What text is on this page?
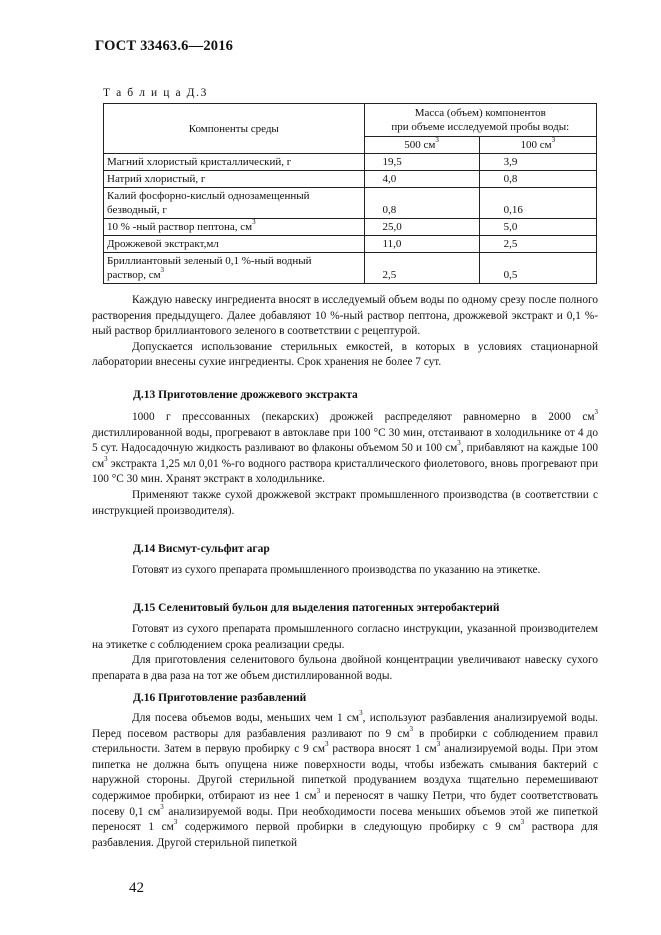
ГОСТ 33463.6—2016
Т а б л и ц а Д.3
Компоненты среды	Масса (объем) компонентов
при объеме исследуемой пробы воды:	

	500 $см^3$	100 $см^3$
Магний хлористый кристаллический, г	19,5	3,9
Натрий хлористый, г	4,0	0,8
Калий фосфорно-кислый однозамещенный
безводный, г	0,8	0,16
10 % -ный раствор пептона, $см^3$	25,0	5,0
Дрожжевой экстракт,мл	11,0	2,5
Бриллиантовый зеленый 0,1 %-ный водный
раствор, $см^3$	2,5	0,5

Каждую навеску ингредиента вносят в исследуемый объем воды по одному срезу после полного растворения предыдущего. Далее добавляют 10 %-ный раствор пептона, дрожжевой экстракт и 0,1 %-ный раствор бриллиантового зеленого в соответствии с рецептурой.

Допускается использование стерильных емкостей, в которых в условиях стационарной лаборатории внесены сухие ингредиенты. Срок хранения не более 7 сут.

Д.13 Приготовление дрожжевого экстракта

1000 г прессованных (пекарских) дрожжей распределяют равномерно в 2000 $см^3$ дистиллированной воды, прогревают в автоклаве при 100 °С 30 мин, отстаивают в холодильнике от 4 до 5 сут. Надосадочную жидкость разливают во флаконы объемом 50 и 100 $см^3$, прибавляют на каждые 100 $см^3$ экстракта 1,25 мл 0,01 %-го водного раствора кристаллического фиолетового, вновь прогревают при 100 °С 30 мин. Хранят экстракт в холодильнике.

Применяют также сухой дрожжевой экстракт промышленного производства (в соответствии с инструкцией производителя).

Д.14 Висмут-сульфит агар

Готовят из сухого препарата промышленного производства по указанию на этикетке.

Д.15 Селенитовый бульон для выделения патогенных энтеробактерий

Готовят из сухого препарата промышленного согласно инструкции, указанной производителем на этикетке с соблюдением срока реализации среды.

Для приготовления селенитового бульона двойной концентрации увеличивают навеску сухого препарата в два раза на тот же объем дистиллированной воды.

Д.16 Приготовление разбавлений

Для посева объемов воды, меньших чем 1 $см^3$, используют разбавления анализируемой воды. Перед посевом растворы для разбавления разливают по 9 $см^3$ в пробирки с соблюдением правил стерильности. Затем в первую пробирку с 9 $см^3$ раствора вносят 1 $см^3$ анализируемой воды. При этом пипетка не должна быть опущена ниже поверхности воды, чтобы избежать смывания бактерий с наружной стороны. Другой стерильной пипеткой продуванием воздуха тщательно перемешивают содержимое пробирки, отбирают из нее 1 $см^3$ и переносят в чашку Петри, что будет соответствовать посеву 0,1 $см^3$ анализируемой воды. При необходимости посева меньших объемов этой же пипеткой переносят 1 $см^3$ содержимого первой пробирки в следующую пробирку с 9 $см^3$ раствора для разбавления. Другой стерильной пипеткой

42
